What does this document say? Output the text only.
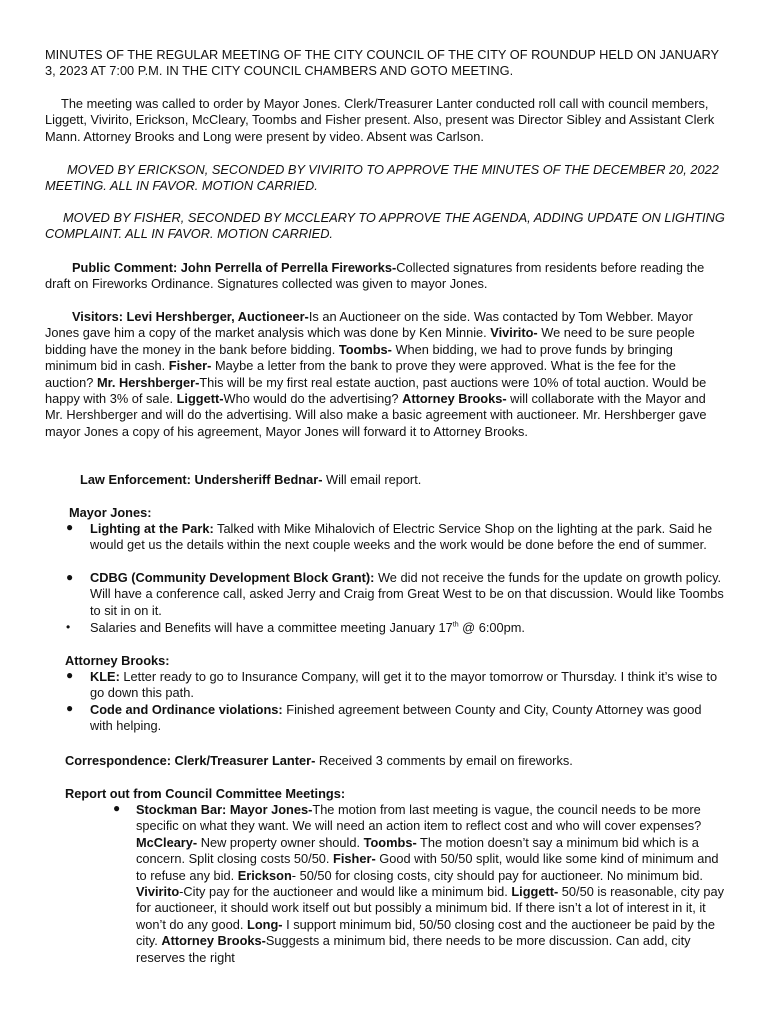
MINUTES OF THE REGULAR MEETING OF THE CITY COUNCIL OF THE CITY OF ROUNDUP HELD ON JANUARY 3, 2023 AT 7:00 P.M. IN THE CITY COUNCIL CHAMBERS AND GOTO MEETING.

The meeting was called to order by Mayor Jones. Clerk/Treasurer Lanter conducted roll call with council members, Liggett, Vivirito, Erickson, McCleary, Toombs and Fisher present. Also, present was Director Sibley and Assistant Clerk Mann. Attorney Brooks and Long were present by video. Absent was Carlson.

MOVED BY ERICKSON, SECONDED BY VIVIRITO TO APPROVE THE MINUTES OF THE DECEMBER 20, 2022 MEETING. ALL IN FAVOR. MOTION CARRIED.

MOVED BY FISHER, SECONDED BY MCCLEARY TO APPROVE THE AGENDA, ADDING UPDATE ON LIGHTING COMPLAINT. ALL IN FAVOR. MOTION CARRIED.

Public Comment: John Perrella of Perrella Fireworks-Collected signatures from residents before reading the draft on Fireworks Ordinance. Signatures collected was given to mayor Jones.

Visitors: Levi Hershberger, Auctioneer-Is an Auctioneer on the side. Was contacted by Tom Webber. Mayor Jones gave him a copy of the market analysis which was done by Ken Minnie. Vivirito- We need to be sure people bidding have the money in the bank before bidding. Toombs- When bidding, we had to prove funds by bringing minimum bid in cash. Fisher- Maybe a letter from the bank to prove they were approved. What is the fee for the auction? Mr. Hershberger-This will be my first real estate auction, past auctions were 10% of total auction. Would be happy with 3% of sale. Liggett-Who would do the advertising? Attorney Brooks- will collaborate with the Mayor and Mr. Hershberger and will do the advertising. Will also make a basic agreement with auctioneer. Mr. Hershberger gave mayor Jones a copy of his agreement, Mayor Jones will forward it to Attorney Brooks.

Law Enforcement: Undersheriff Bednar- Will email report.

Mayor Jones:

● Lighting at the Park: Talked with Mike Mihalovich of Electric Service Shop on the lighting at the park. Said he would get us the details within the next couple weeks and the work would be done before the end of summer.

● CDBG (Community Development Block Grant): We did not receive the funds for the update on growth policy. Will have a conference call, asked Jerry and Craig from Great West to be on that discussion. Would like Toombs to sit in on it.

• Salaries and Benefits will have a committee meeting January 17th @ 6:00pm.

Attorney Brooks:

● KLE: Letter ready to go to Insurance Company, will get it to the mayor tomorrow or Thursday. I think it’s wise to go down this path.

● Code and Ordinance violations: Finished agreement between County and City, County Attorney was good with helping.

Correspondence: Clerk/Treasurer Lanter- Received 3 comments by email on fireworks.

Report out from Council Committee Meetings:

● Stockman Bar: Mayor Jones-The motion from last meeting is vague, the council needs to be more specific on what they want. We will need an action item to reflect cost and who will cover expenses? McCleary- New property owner should. Toombs- The motion doesn’t say a minimum bid which is a concern. Split closing costs 50/50. Fisher- Good with 50/50 split, would like some kind of minimum and to refuse any bid. Erickson- 50/50 for closing costs, city should pay for auctioneer. No minimum bid. Vivirito-City pay for the auctioneer and would like a minimum bid. Liggett- 50/50 is reasonable, city pay for auctioneer, it should work itself out but possibly a minimum bid. If there isn’t a lot of interest in it, it won’t do any good. Long- I support minimum bid, 50/50 closing cost and the auctioneer be paid by the city. Attorney Brooks-Suggests a minimum bid, there needs to be more discussion. Can add, city reserves the right
